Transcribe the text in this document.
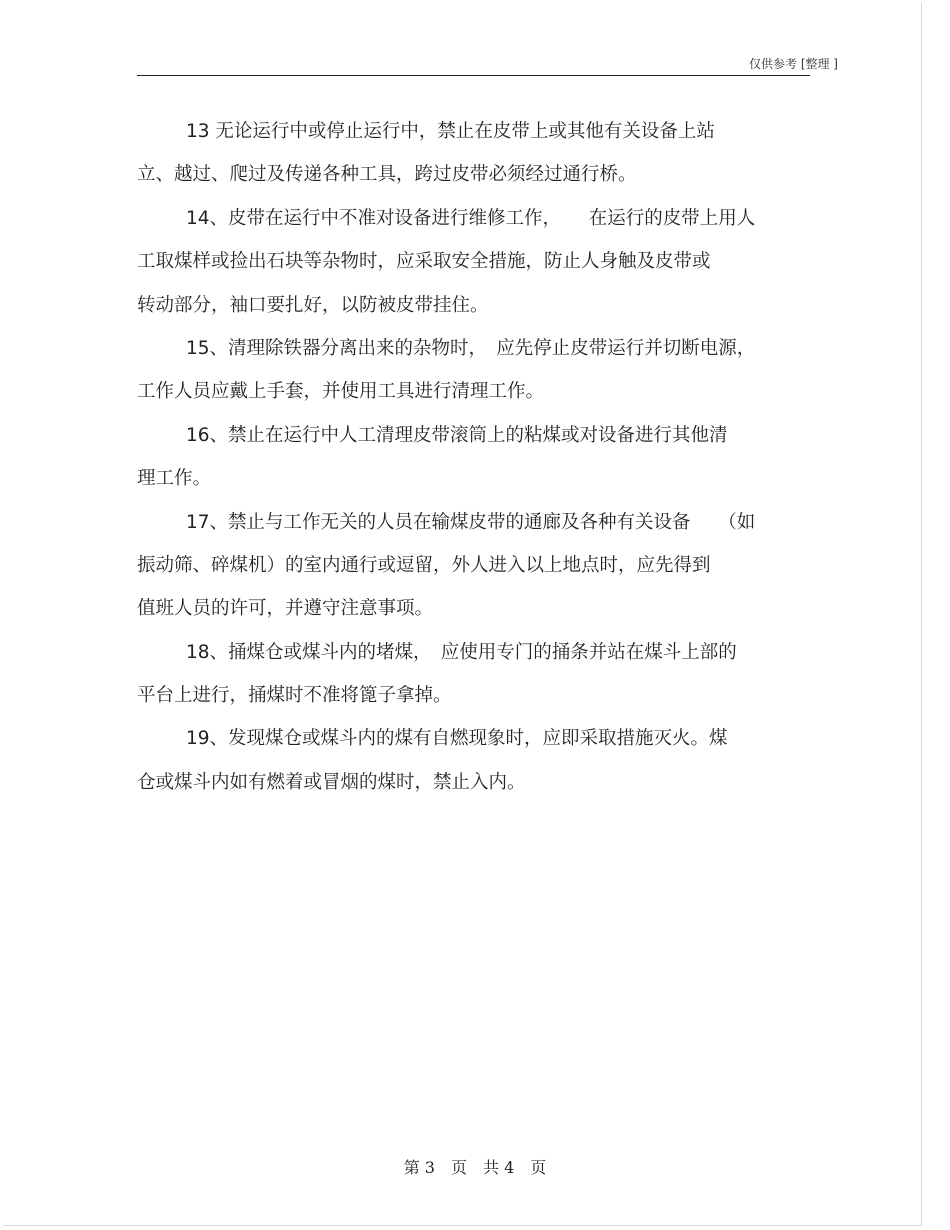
仅供参考 [整理 ]

13 无论运行中或停止运行中，禁止在皮带上或其他有关设备上站
立、越过、爬过及传递各种工具，跨过皮带必须经过通行桥。

14、皮带在运行中不准对设备进行维修工作，　　在运行的皮带上用人
工取煤样或捡出石块等杂物时，应采取安全措施，防止人身触及皮带或
转动部分，袖口要扎好，以防被皮带挂住。

15、清理除铁器分离出来的杂物时，　应先停止皮带运行并切断电源，
工作人员应戴上手套，并使用工具进行清理工作。

16、禁止在运行中人工清理皮带滚筒上的粘煤或对设备进行其他清
理工作。

17、禁止与工作无关的人员在输煤皮带的通廊及各种有关设备　　（如
振动筛、碎煤机）的室内通行或逗留，外人进入以上地点时，应先得到
值班人员的许可，并遵守注意事项。

18、捅煤仓或煤斗内的堵煤，　应使用专门的捅条并站在煤斗上部的
平台上进行，捅煤时不准将篦子拿掉。

19、发现煤仓或煤斗内的煤有自燃现象时，应即采取措施灭火。煤
仓或煤斗内如有燃着或冒烟的煤时，禁止入内。

第 3　页　共 4　页
